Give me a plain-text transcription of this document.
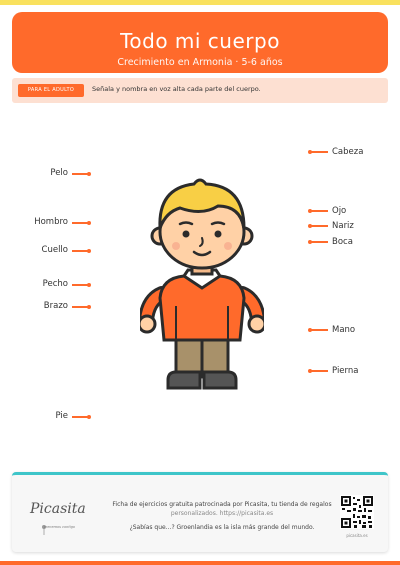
Todo mi cuerpo
Crecimiento en Armonia · 5-6 años
PARA EL ADULTO	Señala y nombra en voz alta cada parte del cuerpo.
Cabeza
Ojo
Nariz
Boca
Mano
Pierna
Pelo
Hombro
Cuello
Pecho
Brazo
Pie
Picasita
crecemos contigo
Ficha de ejercicios gratuita patrocinada por Picasita, tu tienda de regalos
personalizados. https://picasita.es
¿Sabías que...? Groenlandia es la isla más grande del mundo.
picasita.es
